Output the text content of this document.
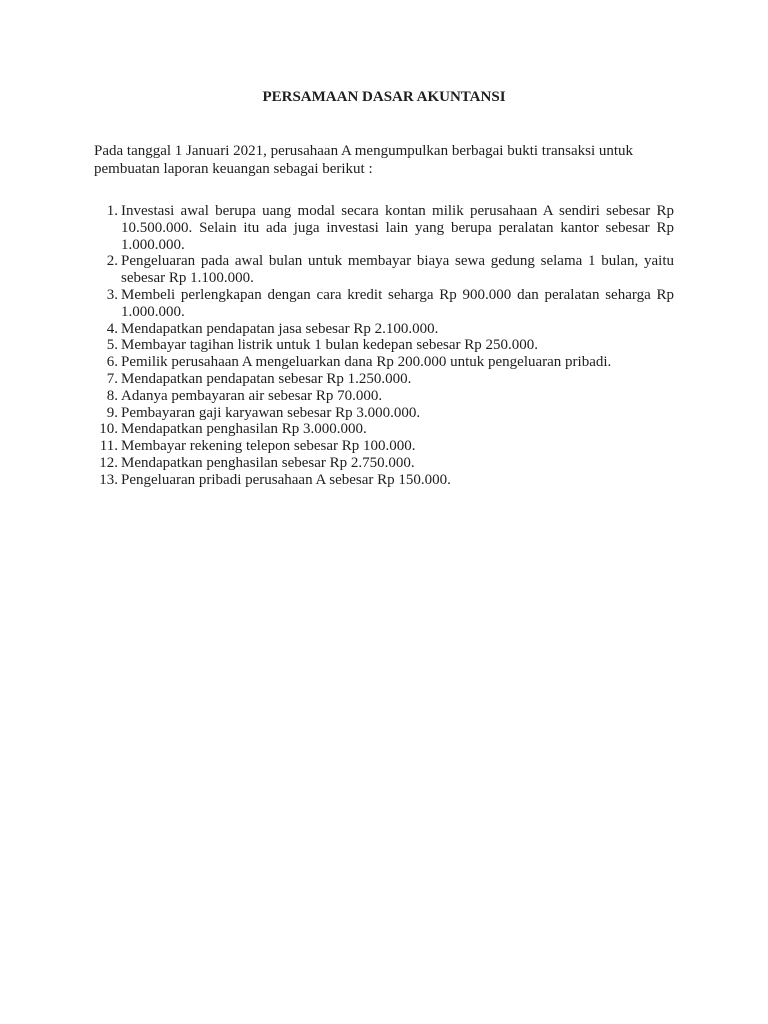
PERSAMAAN DASAR AKUNTANSI

Pada tanggal 1 Januari 2021, perusahaan A mengumpulkan berbagai bukti transaksi untuk pembuatan laporan keuangan sebagai berikut :

1. Investasi awal berupa uang modal secara kontan milik perusahaan A sendiri sebesar Rp 10.500.000. Selain itu ada juga investasi lain yang berupa peralatan kantor sebesar Rp 1.000.000.
2. Pengeluaran pada awal bulan untuk membayar biaya sewa gedung selama 1 bulan, yaitu sebesar Rp 1.100.000.
3. Membeli perlengkapan dengan cara kredit seharga Rp 900.000 dan peralatan seharga Rp 1.000.000.
4. Mendapatkan pendapatan jasa sebesar Rp 2.100.000.
5. Membayar tagihan listrik untuk 1 bulan kedepan sebesar Rp 250.000.
6. Pemilik perusahaan A mengeluarkan dana Rp 200.000 untuk pengeluaran pribadi.
7. Mendapatkan pendapatan sebesar Rp 1.250.000.
8. Adanya pembayaran air sebesar Rp 70.000.
9. Pembayaran gaji karyawan sebesar Rp 3.000.000.
10. Mendapatkan penghasilan Rp 3.000.000.
11. Membayar rekening telepon sebesar Rp 100.000.
12. Mendapatkan penghasilan sebesar Rp 2.750.000.
13. Pengeluaran pribadi perusahaan A sebesar Rp 150.000.
